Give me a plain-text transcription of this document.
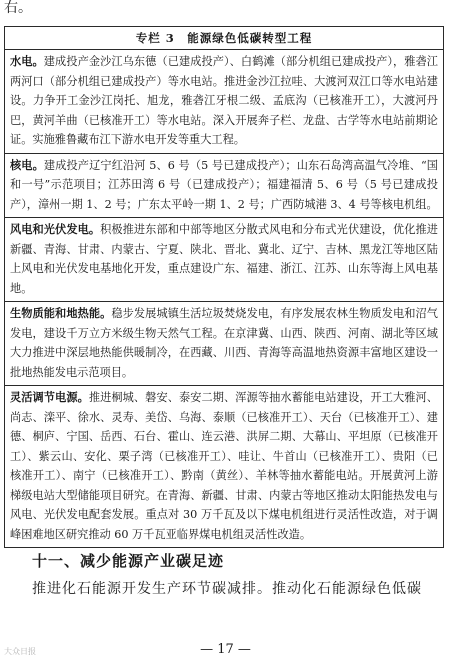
右。
专栏 3　能源绿色低碳转型工程
水电。建成投产金沙江乌东德（已建成投产）、白鹤滩（部分机组已建成投产），雅砻江两河口（部分机组已建成投产）等水电站。推进金沙江拉哇、大渡河双江口等水电站建设。力争开工金沙江岗托、旭龙，雅砻江牙根二级、孟底沟（已核准开工），大渡河丹巴，黄河羊曲（已核准开工）等水电站。深入开展奔子栏、龙盘、古学等水电站前期论证。实施雅鲁藏布江下游水电开发等重大工程。
核电。建成投产辽宁红沿河 5、6 号（5 号已建成投产）；山东石岛湾高温气冷堆、“国和一号”示范项目；江苏田湾 6 号（已建成投产）；福建福清 5、6 号（5 号已建成投产），漳州一期 1、2 号；广东太平岭一期 1、2 号；广西防城港 3、4 号等核电机组。
风电和光伏发电。积极推进东部和中部等地区分散式风电和分布式光伏建设，优化推进新疆、青海、甘肃、内蒙古、宁夏、陕北、晋北、冀北、辽宁、吉林、黑龙江等地区陆上风电和光伏发电基地化开发，重点建设广东、福建、浙江、江苏、山东等海上风电基地。
生物质能和地热能。稳步发展城镇生活垃圾焚烧发电，有序发展农林生物质发电和沼气发电，建设千万立方米级生物天然气工程。在京津冀、山西、陕西、河南、湖北等区域大力推进中深层地热能供暖制冷，在西藏、川西、青海等高温地热资源丰富地区建设一批地热能发电示范项目。
灵活调节电源。推进桐城、磐安、泰安二期、浑源等抽水蓄能电站建设，开工大雅河、尚志、滦平、徐水、灵寿、美岱、乌海、泰顺（已核准开工）、天台（已核准开工）、建德、桐庐、宁国、岳西、石台、霍山、连云港、洪屏二期、大幕山、平坦原（已核准开工）、紫云山、安化、栗子湾（已核准开工）、哇让、牛首山（已核准开工）、贵阳（已核准开工）、南宁（已核准开工）、黔南（黄丝）、羊林等抽水蓄能电站。开展黄河上游梯级电站大型储能项目研究。在青海、新疆、甘肃、内蒙古等地区推动太阳能热发电与风电、光伏发电配套发展。重点对 30 万千瓦及以下煤电机组进行灵活性改造，对于调峰困难地区研究推动 60 万千瓦亚临界煤电机组灵活性改造。
十一、减少能源产业碳足迹
推进化石能源开发生产环节碳减排。推动化石能源绿色低碳
大众日报	— 17 —
